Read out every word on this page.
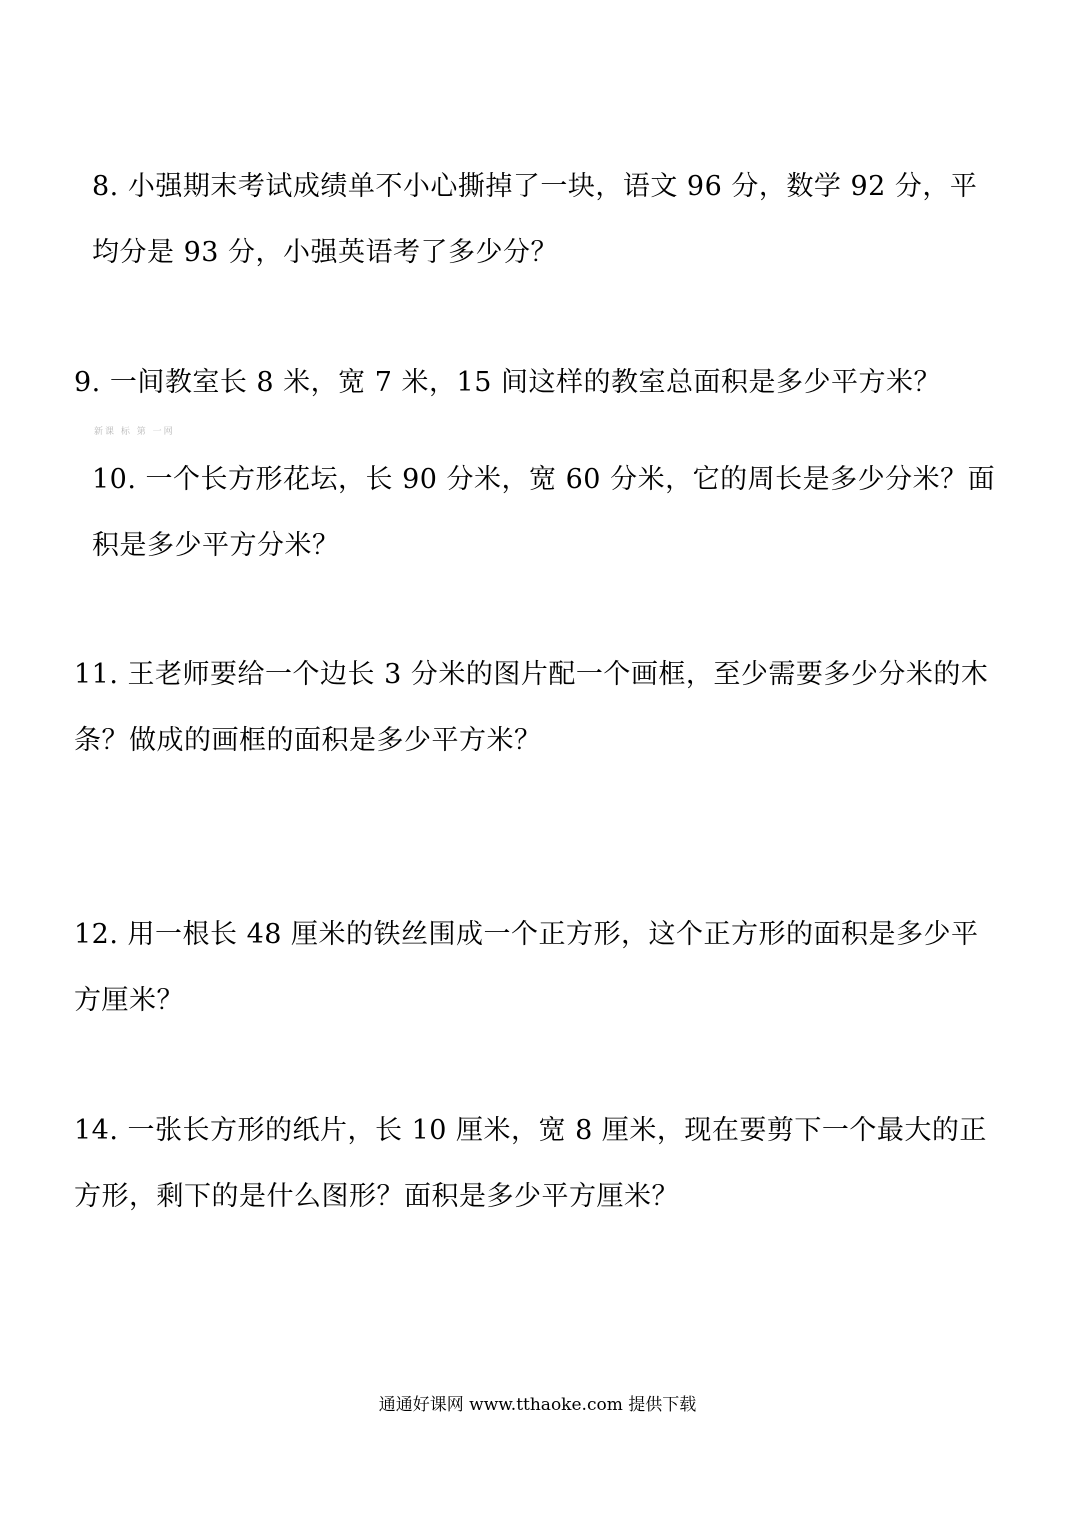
8. 小强期末考试成绩单不小心撕掉了一块，语文 96 分，数学 92 分，平均分是 93 分，小强英语考了多少分？

9. 一间教室长 8 米，宽 7 米，15 间这样的教室总面积是多少平方米？

新课 标 第 一网

10. 一个长方形花坛，长 90 分米，宽 60 分米，它的周长是多少分米？面积是多少平方分米？

11. 王老师要给一个边长 3 分米的图片配一个画框，至少需要多少分米的木条？做成的画框的面积是多少平方米？

12. 用一根长 48 厘米的铁丝围成一个正方形，这个正方形的面积是多少平方厘米？

14. 一张长方形的纸片，长 10 厘米，宽 8 厘米，现在要剪下一个最大的正方形，剩下的是什么图形？面积是多少平方厘米？

通通好课网 www.tthaoke.com 提供下载
